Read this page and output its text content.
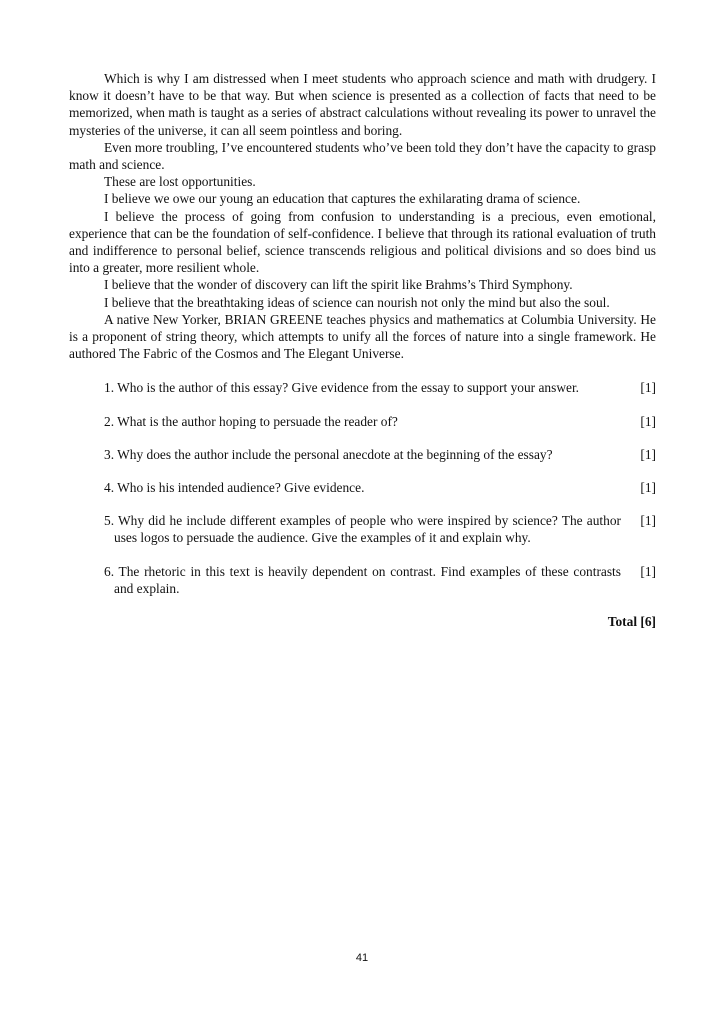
Which is why I am distressed when I meet students who approach science and math with drudgery. I know it doesn’t have to be that way. But when science is presented as a collection of facts that need to be memorized, when math is taught as a series of abstract calculations without revealing its power to unravel the mysteries of the universe, it can all seem pointless and boring.

Even more troubling, I’ve encountered students who’ve been told they don’t have the capacity to grasp math and science.

These are lost opportunities.

I believe we owe our young an education that captures the exhilarating drama of science.

I believe the process of going from confusion to understanding is a precious, even emotional, experience that can be the foundation of self-confidence. I believe that through its rational evaluation of truth and indifference to personal belief, science transcends religious and political divisions and so does bind us into a greater, more resilient whole.

I believe that the wonder of discovery can lift the spirit like Brahms’s Third Symphony.

I believe that the breathtaking ideas of science can nourish not only the mind but also the soul.

A native New Yorker, BRIAN GREENE teaches physics and mathematics at Columbia University. He is a proponent of string theory, which attempts to unify all the forces of nature into a single framework. He authored The Fabric of the Cosmos and The Elegant Universe.

1. Who is the author of this essay? Give evidence from the essay to support your answer.	[1]
2. What is the author hoping to persuade the reader of?	[1]
3. Why does the author include the personal anecdote at the beginning of the essay?	[1]
4. Who is his intended audience? Give evidence.	[1]
5. Why did he include different examples of people who were inspired by science? The author uses logos to persuade the audience. Give the examples of it and explain why.
[1]
6. The rhetoric in this text is heavily dependent on contrast. Find examples of these contrasts and explain.
[1]
Total [6]
41
